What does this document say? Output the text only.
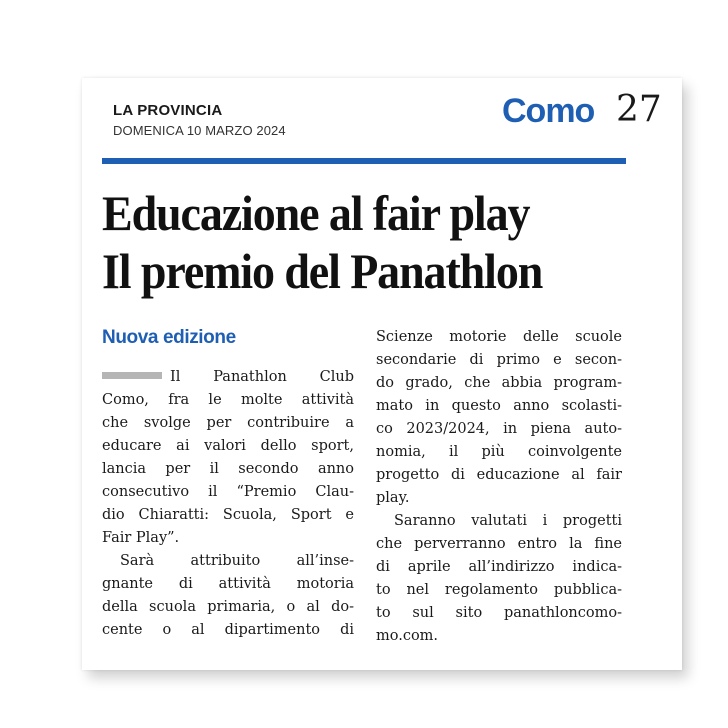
LA PROVINCIA
DOMENICA 10 MARZO 2024
Como 27
Educazione al fair play
Il premio del Panathlon
Nuova edizione
Il Panathlon Club
Como, fra le molte attività
che svolge per contribuire a
educare ai valori dello sport,
lancia per il secondo anno
consecutivo il “Premio Clau-
dio Chiaratti: Scuola, Sport e
Fair Play”.
Sarà attribuito all’inse-
gnante di attività motoria
della scuola primaria, o al do-
cente o al dipartimento di
Scienze motorie delle scuole
secondarie di primo e secon-
do grado, che abbia program-
mato in questo anno scolasti-
co 2023/2024, in piena auto-
nomia, il più coinvolgente
progetto di educazione al fair
play.
Saranno valutati i progetti
che perverranno entro la fine
di aprile all’indirizzo indica-
to nel regolamento pubblica-
to sul sito panathloncomo-
mo.com.
